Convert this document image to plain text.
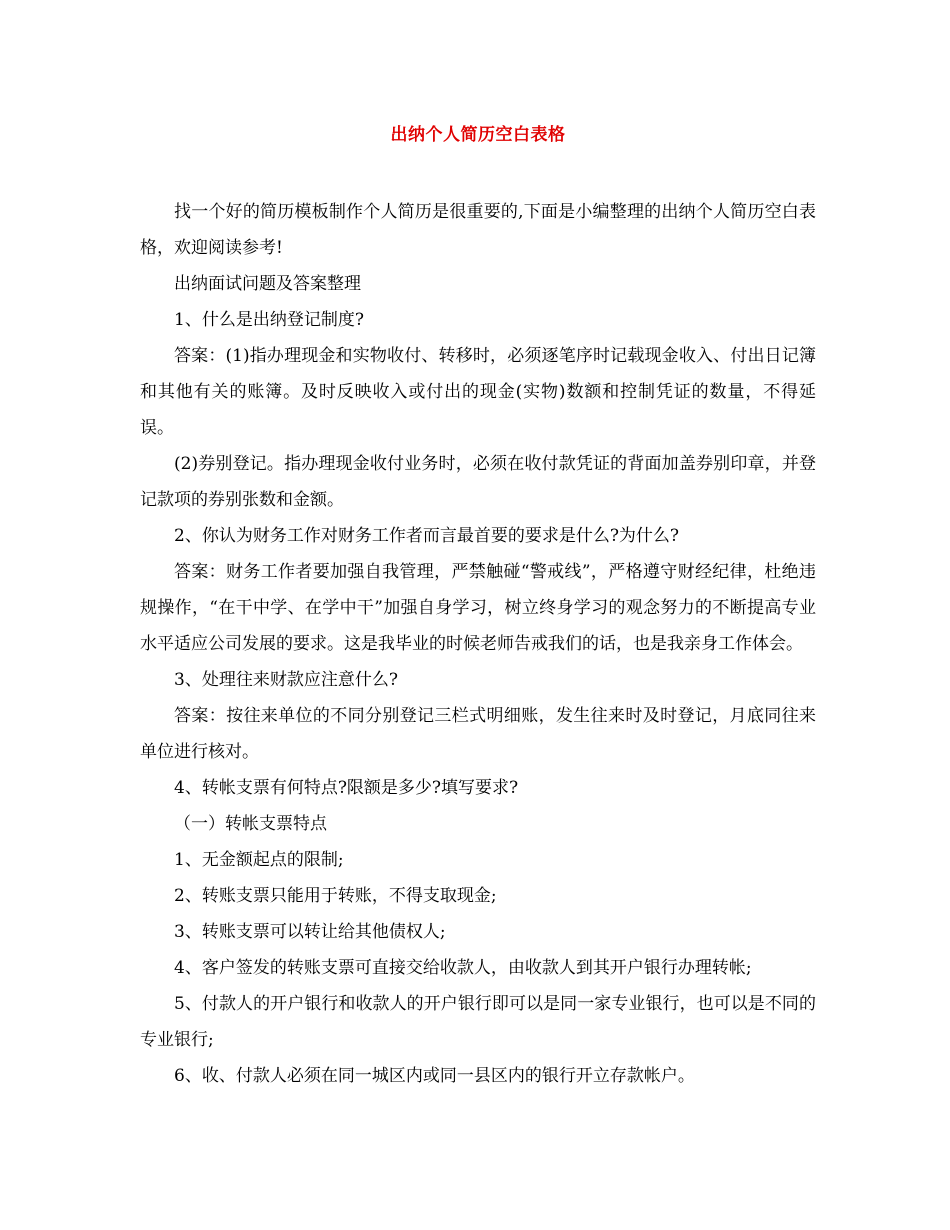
出纳个人简历空白表格

找一个好的简历模板制作个人简历是很重要的,下面是小编整理的出纳个人简历空白表格，欢迎阅读参考!

出纳面试问题及答案整理

1、什么是出纳登记制度?

答案：(1)指办理现金和实物收付、转移时，必须逐笔序时记载现金收入、付出日记簿和其他有关的账簿。及时反映收入或付出的现金(实物)数额和控制凭证的数量，不得延误。

(2)券别登记。指办理现金收付业务时，必须在收付款凭证的背面加盖券别印章，并登记款项的券别张数和金额。

2、你认为财务工作对财务工作者而言最首要的要求是什么?为什么?

答案：财务工作者要加强自我管理，严禁触碰“警戒线”，严格遵守财经纪律，杜绝违规操作，“在干中学、在学中干”加强自身学习，树立终身学习的观念努力的不断提高专业水平适应公司发展的要求。这是我毕业的时候老师告戒我们的话，也是我亲身工作体会。

3、处理往来财款应注意什么?

答案：按往来单位的不同分别登记三栏式明细账，发生往来时及时登记，月底同往来单位进行核对。

4、转帐支票有何特点?限额是多少?填写要求?

（一）转帐支票特点

1、无金额起点的限制;

2、转账支票只能用于转账，不得支取现金;

3、转账支票可以转让给其他债权人;

4、客户签发的转账支票可直接交给收款人，由收款人到其开户银行办理转帐;

5、付款人的开户银行和收款人的开户银行即可以是同一家专业银行，也可以是不同的专业银行;

6、收、付款人必须在同一城区内或同一县区内的银行开立存款帐户。
